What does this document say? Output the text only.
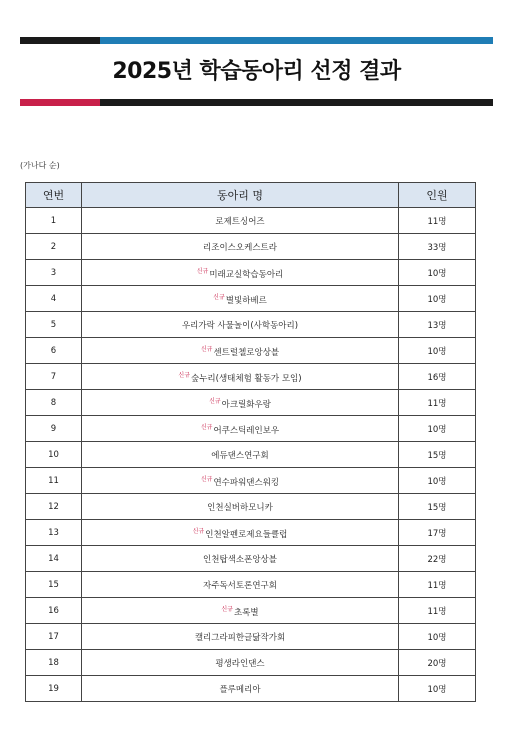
2025년 학습동아리 선정 결과
(가나다 순)
연번	동아리 명	인원
1	로제트싱어즈	11명
2	리조이스오케스트라	33명
3	$^{신규}$미래교실학습동아리	10명
4	$^{신규}$별빛하베르	10명
5	우리가락 사물놀이(사학동아리)	13명
6	$^{신규}$센트럴첼로앙상블	10명
7	$^{신규}$숲누리(생태체험 활동가 모임)	16명
8	$^{신규}$아크릴화우랑	11명
9	$^{신규}$어쿠스틱레인보우	10명
10	에듀댄스연구회	15명
11	$^{신규}$연수파워댄스워킹	10명
12	인천실버하모니카	15명
13	$^{신규}$인천알펜로제요들클럽	17명
14	인천탑색소폰앙상블	22명
15	자주독서토론연구회	11명
16	$^{신규}$초록별	11명
17	캘리그라피한글닮작가회	10명
18	평생라인댄스	20명
19	플루메리아	10명
